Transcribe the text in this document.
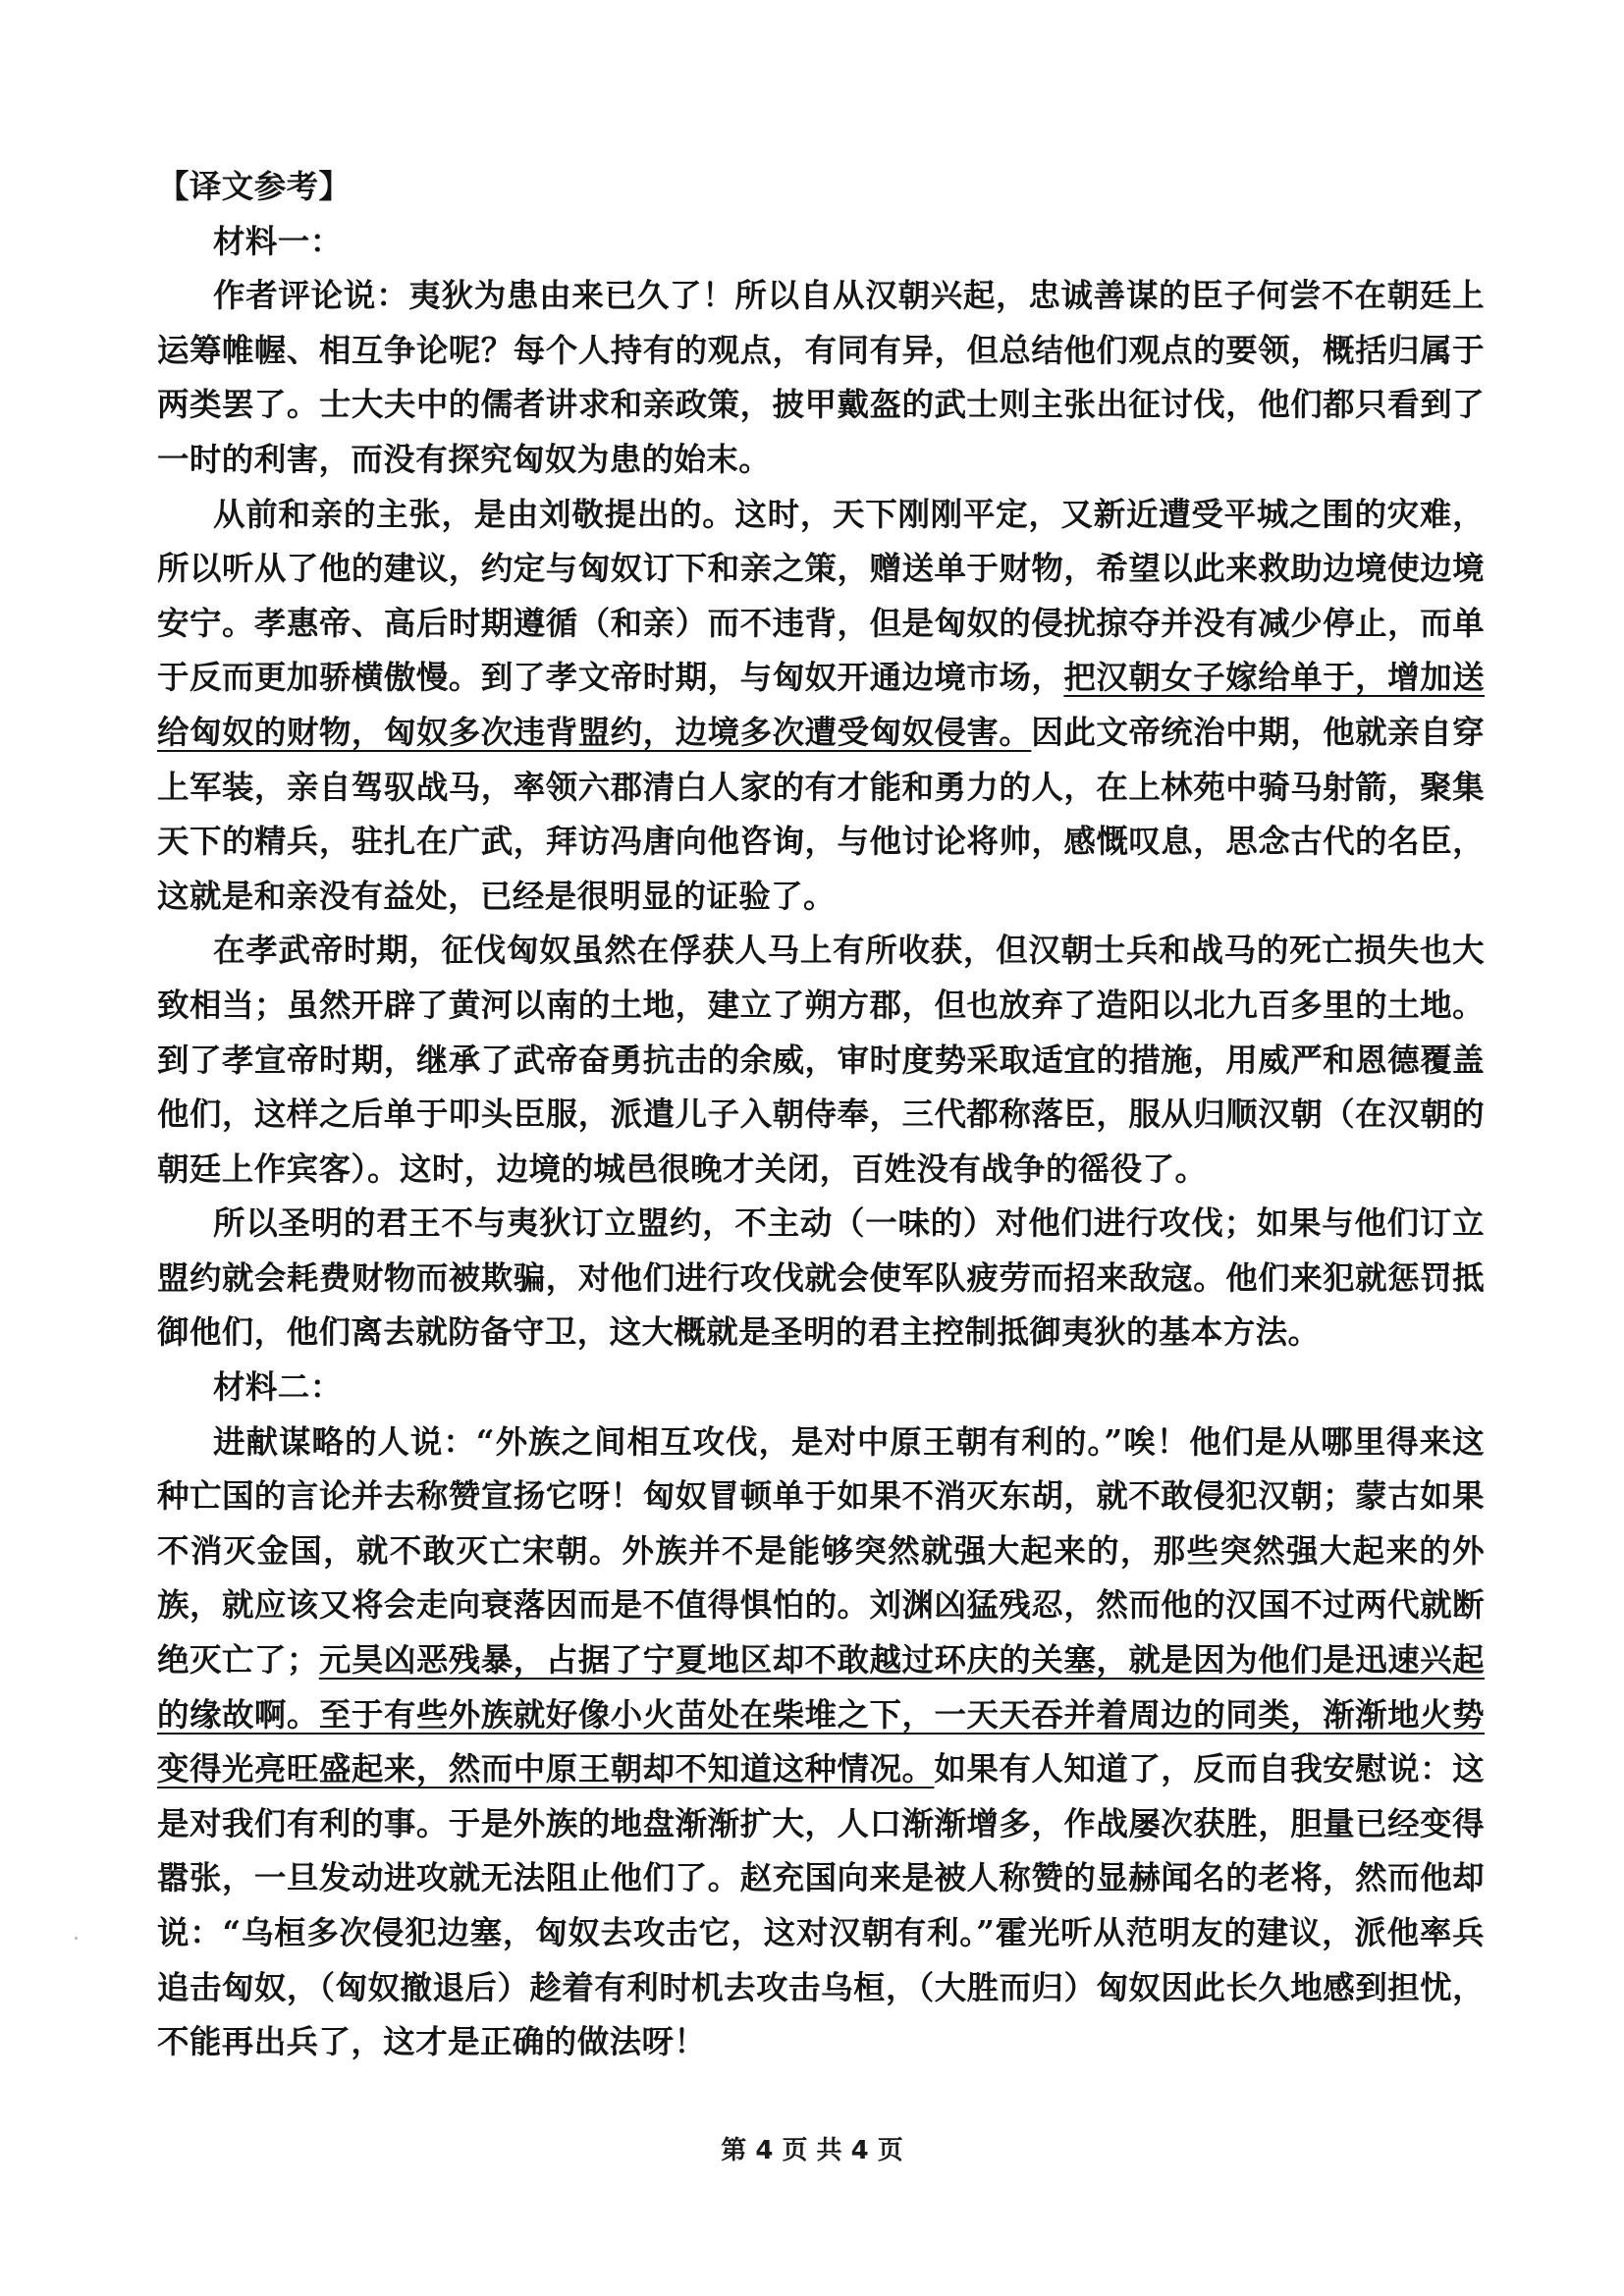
【译文参考】

材料一：

作者评论说：夷狄为患由来已久了！所以自从汉朝兴起，忠诚善谋的臣子何尝不在朝廷上运筹帷幄、相互争论呢？每个人持有的观点，有同有异，但总结他们观点的要领，概括归属于两类罢了。士大夫中的儒者讲求和亲政策，披甲戴盔的武士则主张出征讨伐，他们都只看到了一时的利害，而没有探究匈奴为患的始末。

从前和亲的主张，是由刘敬提出的。这时，天下刚刚平定，又新近遭受平城之围的灾难，所以听从了他的建议，约定与匈奴订下和亲之策，赠送单于财物，希望以此来救助边境使边境安宁。孝惠帝、高后时期遵循（和亲）而不违背，但是匈奴的侵扰掠夺并没有减少停止，而单于反而更加骄横傲慢。到了孝文帝时期，与匈奴开通边境市场，把汉朝女子嫁给单于，增加送给匈奴的财物，匈奴多次违背盟约，边境多次遭受匈奴侵害。因此文帝统治中期，他就亲自穿上军装，亲自驾驭战马，率领六郡清白人家的有才能和勇力的人，在上林苑中骑马射箭，聚集天下的精兵，驻扎在广武，拜访冯唐向他咨询，与他讨论将帅，感慨叹息，思念古代的名臣，这就是和亲没有益处，已经是很明显的证验了。

在孝武帝时期，征伐匈奴虽然在俘获人马上有所收获，但汉朝士兵和战马的死亡损失也大致相当；虽然开辟了黄河以南的土地，建立了朔方郡，但也放弃了造阳以北九百多里的土地。到了孝宣帝时期，继承了武帝奋勇抗击的余威，审时度势采取适宜的措施，用威严和恩德覆盖他们，这样之后单于叩头臣服，派遣儿子入朝侍奉，三代都称落臣，服从归顺汉朝（在汉朝的朝廷上作宾客）。这时，边境的城邑很晚才关闭，百姓没有战争的徭役了。

所以圣明的君王不与夷狄订立盟约，不主动（一味的）对他们进行攻伐；如果与他们订立盟约就会耗费财物而被欺骗，对他们进行攻伐就会使军队疲劳而招来敌寇。他们来犯就惩罚抵御他们，他们离去就防备守卫，这大概就是圣明的君主控制抵御夷狄的基本方法。

材料二：

进献谋略的人说：“外族之间相互攻伐，是对中原王朝有利的。”唉！他们是从哪里得来这种亡国的言论并去称赞宣扬它呀！匈奴冒顿单于如果不消灭东胡，就不敢侵犯汉朝；蒙古如果不消灭金国，就不敢灭亡宋朝。外族并不是能够突然就强大起来的，那些突然强大起来的外族，就应该又将会走向衰落因而是不值得惧怕的。刘渊凶猛残忍，然而他的汉国不过两代就断绝灭亡了；元昊凶恶残暴，占据了宁夏地区却不敢越过环庆的关塞，就是因为他们是迅速兴起的缘故啊。至于有些外族就好像小火苗处在柴堆之下，一天天吞并着周边的同类，渐渐地火势变得光亮旺盛起来，然而中原王朝却不知道这种情况。如果有人知道了，反而自我安慰说：这是对我们有利的事。于是外族的地盘渐渐扩大，人口渐渐增多，作战屡次获胜，胆量已经变得嚣张，一旦发动进攻就无法阻止他们了。赵充国向来是被人称赞的显赫闻名的老将，然而他却说：“乌桓多次侵犯边塞，匈奴去攻击它，这对汉朝有利。”霍光听从范明友的建议，派他率兵追击匈奴，（匈奴撤退后）趁着有利时机去攻击乌桓，（大胜而归）匈奴因此长久地感到担忧，不能再出兵了，这才是正确的做法呀！

第 4 页 共 4 页
